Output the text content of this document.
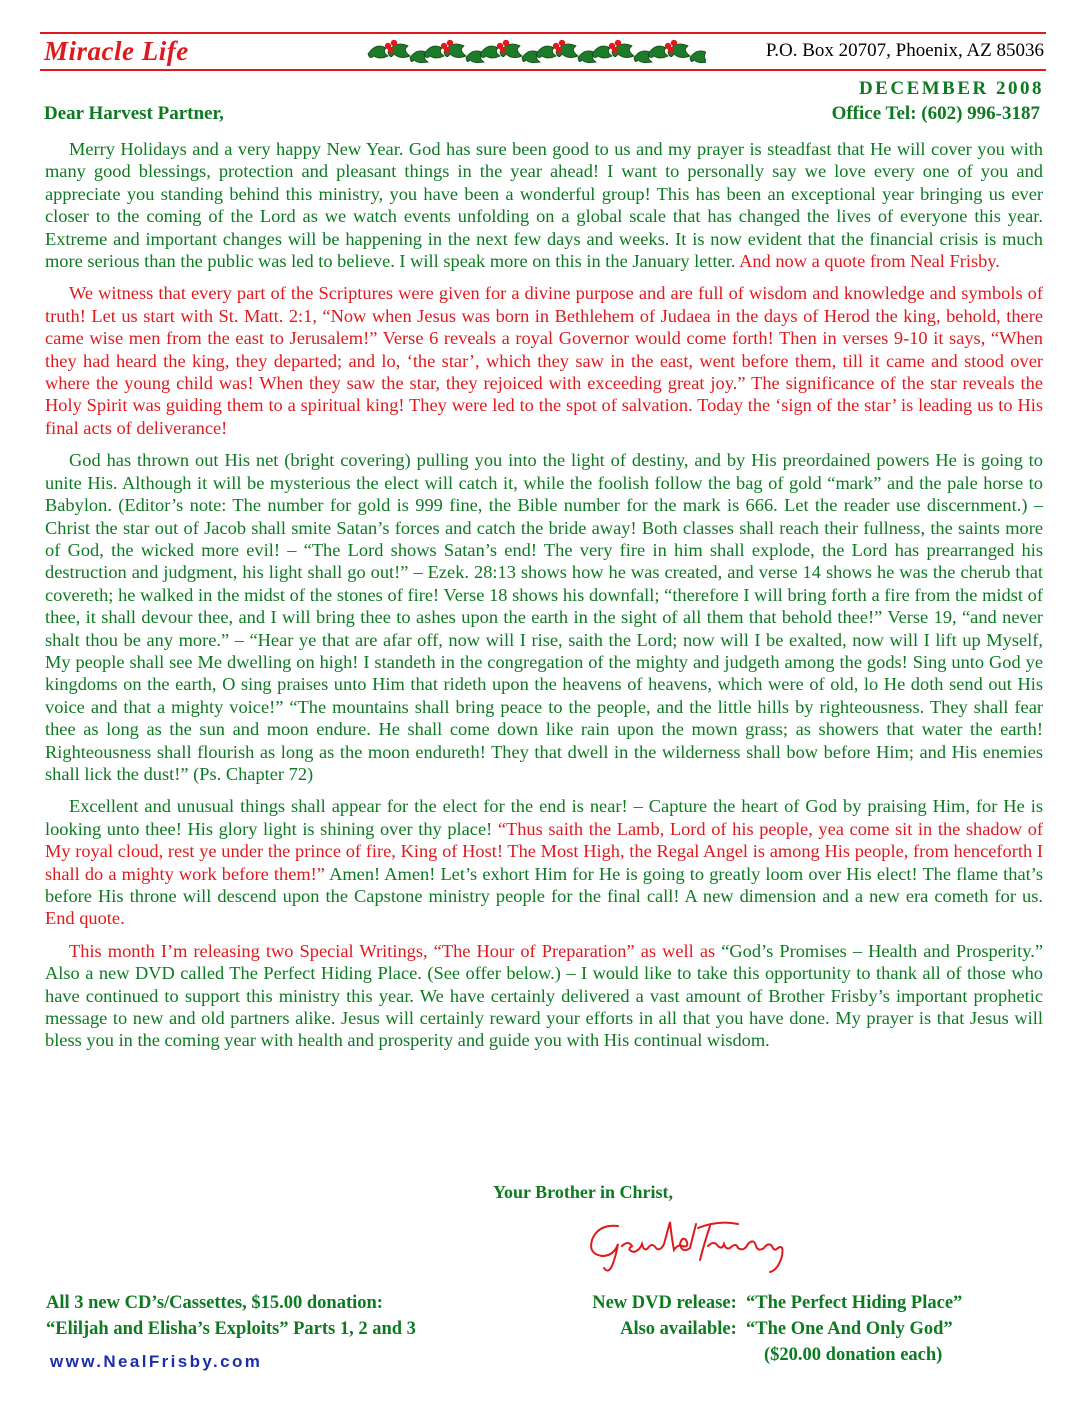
Miracle Life	P.O. Box 20707, Phoenix, AZ 85036
DECEMBER 2008
Dear Harvest Partner,	Office Tel: (602) 996-3187

Merry Holidays and a very happy New Year. God has sure been good to us and my prayer is steadfast that He will cover you with many good blessings, protection and pleasant things in the year ahead! I want to personally say we love every one of you and appreciate you standing behind this ministry, you have been a wonderful group! This has been an exceptional year bringing us ever closer to the coming of the Lord as we watch events unfolding on a global scale that has changed the lives of everyone this year. Extreme and important changes will be happening in the next few days and weeks. It is now evident that the financial crisis is much more serious than the public was led to believe. I will speak more on this in the January letter. And now a quote from Neal Frisby.

We witness that every part of the Scriptures were given for a divine purpose and are full of wisdom and knowledge and symbols of truth! Let us start with St. Matt. 2:1, “Now when Jesus was born in Bethlehem of Judaea in the days of Herod the king, behold, there came wise men from the east to Jerusalem!” Verse 6 reveals a royal Governor would come forth! Then in verses 9-10 it says, “When they had heard the king, they departed; and lo, ‘the star’, which they saw in the east, went before them, till it came and stood over where the young child was! When they saw the star, they rejoiced with exceeding great joy.” The significance of the star reveals the Holy Spirit was guiding them to a spiritual king! They were led to the spot of salvation. Today the ‘sign of the star’ is leading us to His final acts of deliverance!

God has thrown out His net (bright covering) pulling you into the light of destiny, and by His preordained powers He is going to unite His. Although it will be mysterious the elect will catch it, while the foolish follow the bag of gold “mark” and the pale horse to Babylon. (Editor’s note: The number for gold is 999 fine, the Bible number for the mark is 666. Let the reader use discernment.) – Christ the star out of Jacob shall smite Satan’s forces and catch the bride away! Both classes shall reach their fullness, the saints more of God, the wicked more evil! – “The Lord shows Satan’s end! The very fire in him shall explode, the Lord has prearranged his destruction and judgment, his light shall go out!” – Ezek. 28:13 shows how he was created, and verse 14 shows he was the cherub that covereth; he walked in the midst of the stones of fire! Verse 18 shows his downfall; “therefore I will bring forth a fire from the midst of thee, it shall devour thee, and I will bring thee to ashes upon the earth in the sight of all them that behold thee!” Verse 19, “and never shalt thou be any more.” – “Hear ye that are afar off, now will I rise, saith the Lord; now will I be exalted, now will I lift up Myself, My people shall see Me dwelling on high! I standeth in the congregation of the mighty and judgeth among the gods! Sing unto God ye kingdoms on the earth, O sing praises unto Him that rideth upon the heavens of heavens, which were of old, lo He doth send out His voice and that a mighty voice!” “The mountains shall bring peace to the people, and the little hills by righteousness. They shall fear thee as long as the sun and moon endure. He shall come down like rain upon the mown grass; as showers that water the earth! Righteousness shall flourish as long as the moon endureth! They that dwell in the wilderness shall bow before Him; and His enemies shall lick the dust!” (Ps. Chapter 72)

Excellent and unusual things shall appear for the elect for the end is near! – Capture the heart of God by praising Him, for He is looking unto thee! His glory light is shining over thy place! “Thus saith the Lamb, Lord of his people, yea come sit in the shadow of My royal cloud, rest ye under the prince of fire, King of Host! The Most High, the Regal Angel is among His people, from henceforth I shall do a mighty work before them!” Amen! Amen! Let’s exhort Him for He is going to greatly loom over His elect! The flame that’s before His throne will descend upon the Capstone ministry people for the final call! A new dimension and a new era cometh for us. End quote.

This month I’m releasing two Special Writings, “The Hour of Preparation” as well as “God’s Promises – Health and Prosperity.” Also a new DVD called The Perfect Hiding Place. (See offer below.) – I would like to take this opportunity to thank all of those who have continued to support this ministry this year. We have certainly delivered a vast amount of Brother Frisby’s important prophetic message to new and old partners alike. Jesus will certainly reward your efforts in all that you have done. My prayer is that Jesus will bless you in the coming year with health and prosperity and guide you with His continual wisdom.

Your Brother in Christ,
All 3 new CD’s/Cassettes, $15.00 donation:
“Eliljah and Elisha’s Exploits” Parts 1, 2 and 3
New DVD release: “The Perfect Hiding Place”
Also available: “The One And Only God”
($20.00 donation each)
www.NealFrisby.com
